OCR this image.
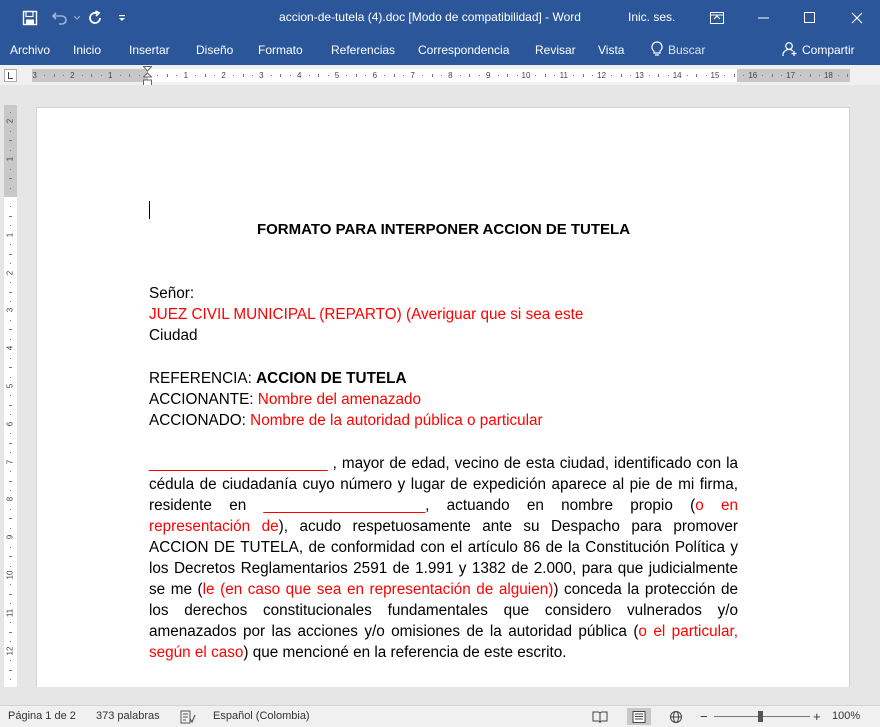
accion-de-tutela (4).doc [Modo de compatibilidad] - Word	Inic. ses.
Archivo Inicio Insertar Diseño Formato Referencias Correspondencia Revisar Vista	Buscar	Compartir
3	2	1	1	2	3	4	5	6	7	8	9	10	11	12	13	14	15	16	17	18
2
1
1
2
3
4
5
6
7
8
9
10
11
12
FORMATO PARA INTERPONER ACCION DE TUTELA
Señor:
JUEZ CIVIL MUNICIPAL (REPARTO) (Averiguar que si sea este
Ciudad
REFERENCIA: ACCION DE TUTELA
ACCIONANTE: Nombre del amenazado
ACCIONADO: Nombre de la autoridad pública o particular
_____________________ , mayor de edad, vecino de esta ciudad, identificado con la cédula de ciudadanía cuyo número y lugar de expedición aparece al pie de mi firma, residente en ___________________, actuando en nombre propio (o en representación de), acudo respetuosamente ante su Despacho para promover ACCION DE TUTELA, de conformidad con el artículo 86 de la Constitución Política y los Decretos Reglamentarios 2591 de 1.991 y 1382 de 2.000, para que judicialmente se me (le (en caso que sea en representación de alguien)) conceda la protección de los derechos constitucionales fundamentales que considero vulnerados y/o amenazados por las acciones y/o omisiones de la autoridad pública (o el particular, según el caso) que mencioné en la referencia de este escrito.
Página 1 de 2 373 palabras	Español (Colombia)	−	+ 100%
